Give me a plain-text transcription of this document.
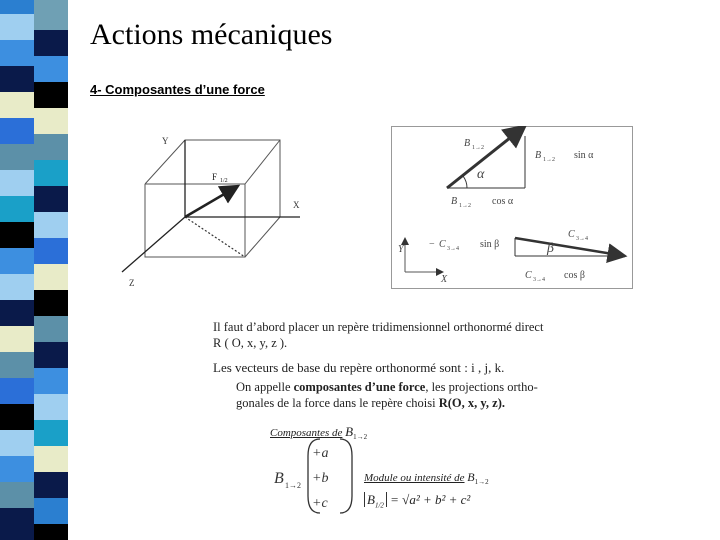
Actions mécaniques
4- Composantes d’une force
Y
X
Z
F 1/2
B 1→2
α
B 1→2 sin α
B 1→2 cos α
Y
X
C 3→4
β
− C 3→4 sin β
C 3→4 cos β
Il faut d’abord placer un repère tridimensionnel orthonormé direct
R ( O, x, y, z ).
Les vecteurs de base du repère orthonormé sont : i , j, k.
On appelle composantes d’une force, les projections ortho-
gonales de la force dans le repère choisi R(O, x, y, z).
Composantes de $B_{1\to 2}$
B 1→2
+a
+b
+c
Module ou intensité de $B_{1\to 2}$
$B_{1/2} = √a^2 + b^2 + c^2$
